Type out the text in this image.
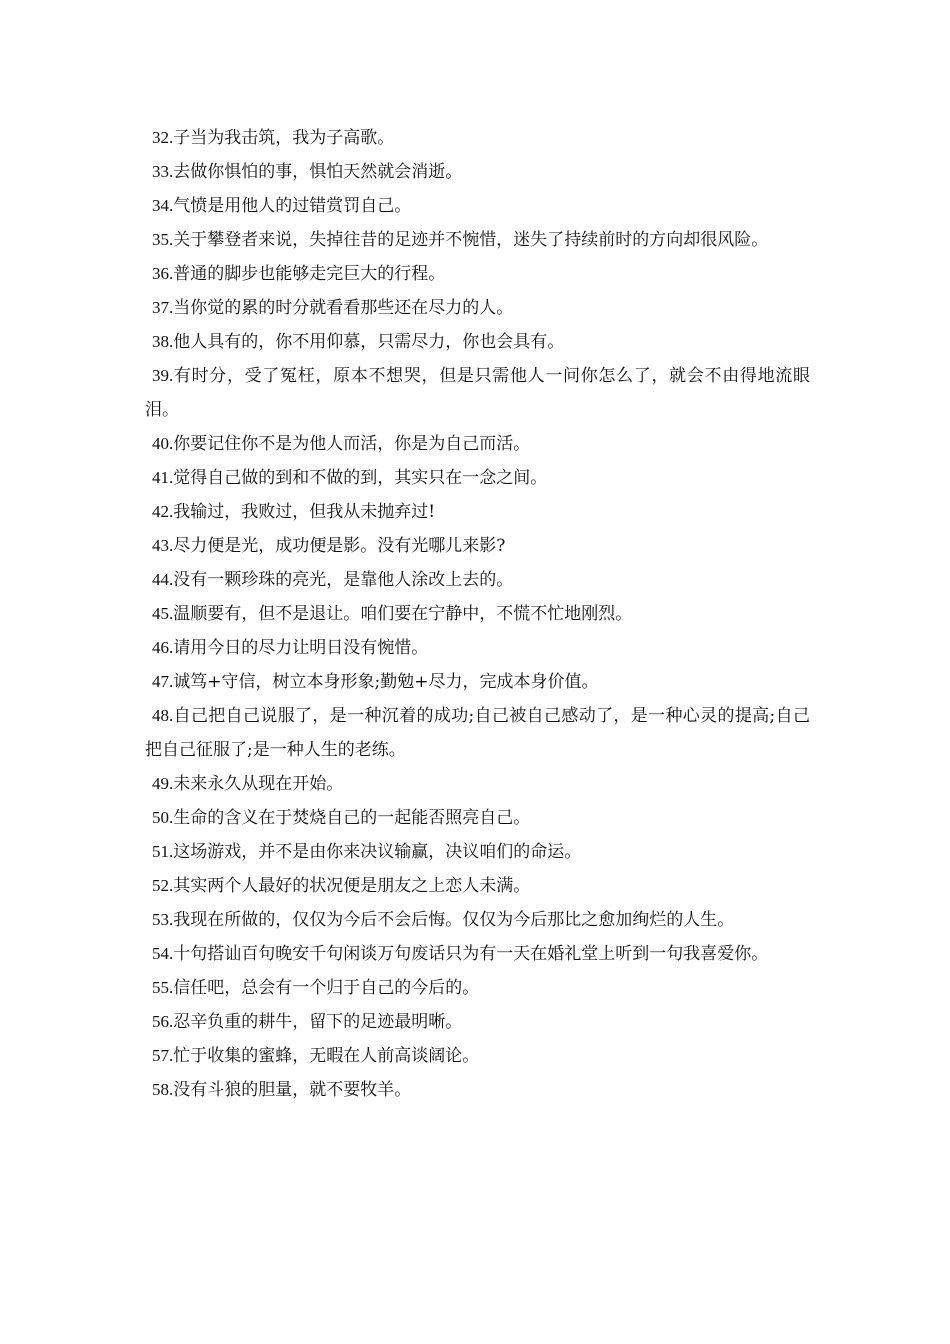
32.子当为我击筑，我为子高歌。

33.去做你惧怕的事，惧怕天然就会消逝。

34.气愤是用他人的过错赏罚自己。

35.关于攀登者来说，失掉往昔的足迹并不惋惜，迷失了持续前时的方向却很风险。

36.普通的脚步也能够走完巨大的行程。

37.当你觉的累的时分就看看那些还在尽力的人。

38.他人具有的，你不用仰慕，只需尽力，你也会具有。

39.有时分，受了冤枉，原本不想哭，但是只需他人一问你怎么了，就会不由得地流眼泪。

40.你要记住你不是为他人而活，你是为自己而活。

41.觉得自己做的到和不做的到，其实只在一念之间。

42.我输过，我败过，但我从未抛弃过!

43.尽力便是光，成功便是影。没有光哪儿来影?

44.没有一颗珍珠的亮光，是靠他人涂改上去的。

45.温顺要有，但不是退让。咱们要在宁静中，不慌不忙地刚烈。

46.请用今日的尽力让明日没有惋惜。

47.诚笃+守信，树立本身形象;勤勉+尽力，完成本身价值。

48.自己把自己说服了，是一种沉着的成功;自己被自己感动了，是一种心灵的提高;自己把自己征服了;是一种人生的老练。

49.未来永久从现在开始。

50.生命的含义在于焚烧自己的一起能否照亮自己。

51.这场游戏，并不是由你来决议输赢，决议咱们的命运。

52.其实两个人最好的状况便是朋友之上恋人未满。

53.我现在所做的，仅仅为今后不会后悔。仅仅为今后那比之愈加绚烂的人生。

54.十句搭讪百句晚安千句闲谈万句废话只为有一天在婚礼堂上听到一句我喜爱你。

55.信任吧，总会有一个归于自己的今后的。

56.忍辛负重的耕牛，留下的足迹最明晰。

57.忙于收集的蜜蜂，无暇在人前高谈阔论。

58.没有斗狼的胆量，就不要牧羊。
